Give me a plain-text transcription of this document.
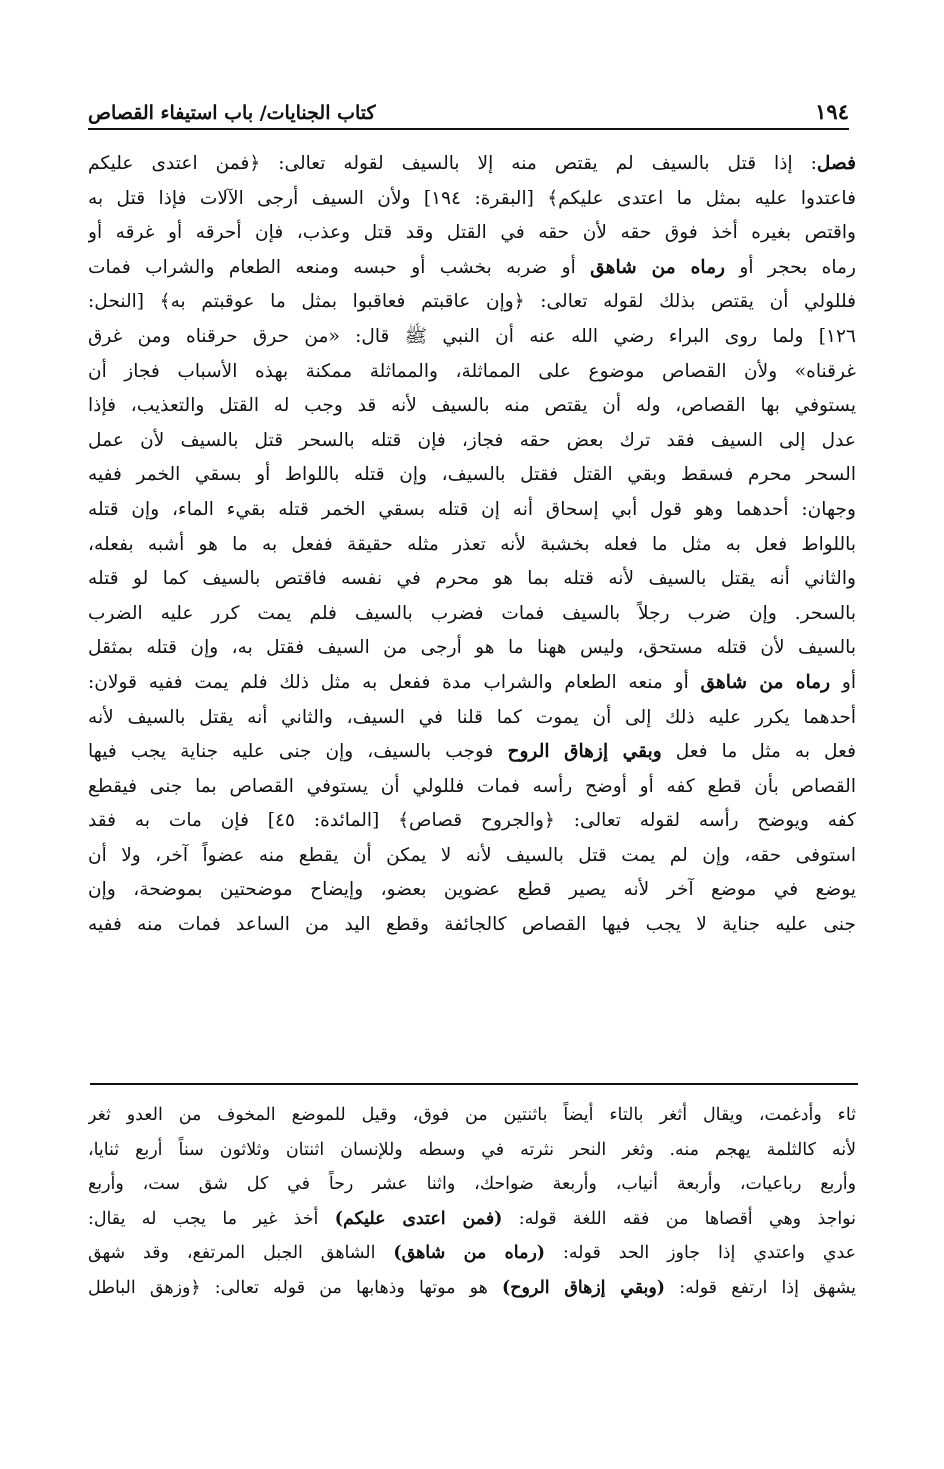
١٩٤
كتاب الجنايات/ باب استيفاء القصاص
فصل: إذا قتل بالسيف لم يقتص منه إلا بالسيف لقوله تعالى: ﴿فمن اعتدى عليكم
فاعتدوا عليه بمثل ما اعتدى عليكم﴾ [البقرة: ١٩٤] ولأن السيف أرجى الآلات فإذا قتل به
واقتص بغيره أخذ فوق حقه لأن حقه في القتل وقد قتل وعذب، فإن أحرقه أو غرقه أو
رماه بحجر أو رماه من شاهق أو ضربه بخشب أو حبسه ومنعه الطعام والشراب فمات
فللولي أن يقتص بذلك لقوله تعالى: ﴿وإن عاقبتم فعاقبوا بمثل ما عوقبتم به﴾ [النحل:
١٢٦] ولما روى البراء رضي الله عنه أن النبي ﷺ قال: «من حرق حرقناه ومن غرق
غرقناه» ولأن القصاص موضوع على المماثلة، والمماثلة ممكنة بهذه الأسباب فجاز أن
يستوفي بها القصاص، وله أن يقتص منه بالسيف لأنه قد وجب له القتل والتعذيب، فإذا
عدل إلى السيف فقد ترك بعض حقه فجاز، فإن قتله بالسحر قتل بالسيف لأن عمل
السحر محرم فسقط وبقي القتل فقتل بالسيف، وإن قتله باللواط أو بسقي الخمر ففيه
وجهان: أحدهما وهو قول أبي إسحاق أنه إن قتله بسقي الخمر قتله بقيء الماء، وإن قتله
باللواط فعل به مثل ما فعله بخشبة لأنه تعذر مثله حقيقة ففعل به ما هو أشبه بفعله،
والثاني أنه يقتل بالسيف لأنه قتله بما هو محرم في نفسه فاقتص بالسيف كما لو قتله
بالسحر. وإن ضرب رجلاً بالسيف فمات فضرب بالسيف فلم يمت كرر عليه الضرب
بالسيف لأن قتله مستحق، وليس ههنا ما هو أرجى من السيف فقتل به، وإن قتله بمثقل
أو رماه من شاهق أو منعه الطعام والشراب مدة ففعل به مثل ذلك فلم يمت ففيه قولان:
أحدهما يكرر عليه ذلك إلى أن يموت كما قلنا في السيف، والثاني أنه يقتل بالسيف لأنه
فعل به مثل ما فعل وبقي إزهاق الروح فوجب بالسيف، وإن جنى عليه جناية يجب فيها
القصاص بأن قطع كفه أو أوضح رأسه فمات فللولي أن يستوفي القصاص بما جنى فيقطع
كفه ويوضح رأسه لقوله تعالى: ﴿والجروح قصاص﴾ [المائدة: ٤٥] فإن مات به فقد
استوفى حقه، وإن لم يمت قتل بالسيف لأنه لا يمكن أن يقطع منه عضواً آخر، ولا أن
يوضع في موضع آخر لأنه يصير قطع عضوين بعضو، وإيضاح موضحتين بموضحة، وإن
جنى عليه جناية لا يجب فيها القصاص كالجائفة وقطع اليد من الساعد فمات منه ففيه
ثاء وأدغمت، ويقال أثغر بالتاء أيضاً باثنتين من فوق، وقيل للموضع المخوف من العدو ثغر
لأنه كالثلمة يهجم منه. وثغر النحر نثرته في وسطه وللإنسان اثنتان وثلاثون سناً أربع ثنايا،
وأربع رباعيات، وأربعة أنياب، وأربعة ضواحك، واثنا عشر رحاً في كل شق ست، وأربع
نواجذ وهي أقصاها من فقه اللغة قوله: (فمن اعتدى عليكم) أخذ غير ما يجب له يقال:
عدي واعتدي إذا جاوز الحد قوله: (رماه من شاهق) الشاهق الجبل المرتفع، وقد شهق
يشهق إذا ارتفع قوله: (وبقي إزهاق الروح) هو موتها وذهابها من قوله تعالى: ﴿وزهق الباطل
